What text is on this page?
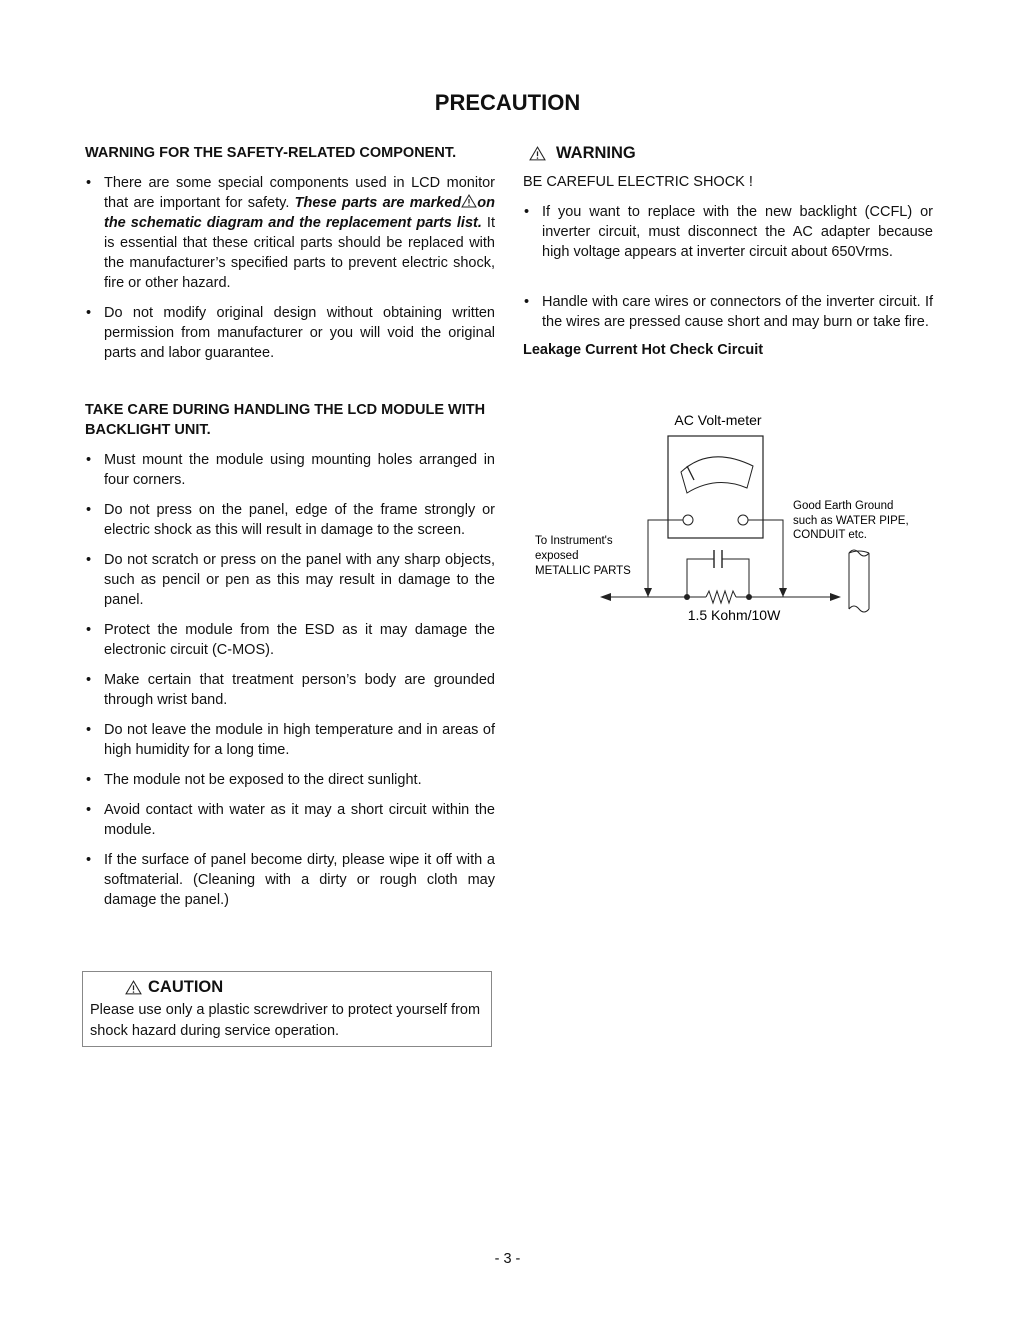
PRECAUTION
WARNING FOR THE SAFETY-RELATED COMPONENT.
• There are some special components used in LCD monitor that are important for safety. These parts are marked on the schematic diagram and the replacement parts list. It is essential that these critical parts should be replaced with the manufacturer’s specified parts to prevent electric shock, fire or other hazard.
• Do not modify original design without obtaining written permission from manufacturer or you will void the original parts and labor guarantee.
TAKE CARE DURING HANDLING THE LCD MODULE WITH BACKLIGHT UNIT.
• Must mount the module using mounting holes arranged in four corners.
• Do not press on the panel, edge of the frame strongly or electric shock as this will result in damage to the screen.
• Do not scratch or press on the panel with any sharp objects, such as pencil or pen as this may result in damage to the panel.
• Protect the module from the ESD as it may damage the electronic circuit (C-MOS).
• Make certain that treatment person’s body are grounded through wrist band.
• Do not leave the module in high temperature and in areas of high humidity for a long time.
• The module not be exposed to the direct sunlight.
• Avoid contact with water as it may a short circuit within the module.
• If the surface of panel become dirty, please wipe it off with a softmaterial. (Cleaning with a dirty or rough cloth may damage the panel.)
CAUTION
Please use only a plastic screwdriver to protect yourself from shock hazard during service operation.
WARNING
BE CAREFUL ELECTRIC SHOCK !
• If you want to replace with the new backlight (CCFL) or inverter circuit, must disconnect the AC adapter because high voltage appears at inverter circuit about 650Vrms.
• Handle with care wires or connectors of the inverter circuit. If the wires are pressed cause short and may burn or take fire.
Leakage Current Hot Check Circuit
AC Volt-meter
To Instrument's
exposed
METALLIC PARTS
Good Earth Ground
such as WATER PIPE,
CONDUIT etc.
1.5 Kohm/10W
- 3 -
